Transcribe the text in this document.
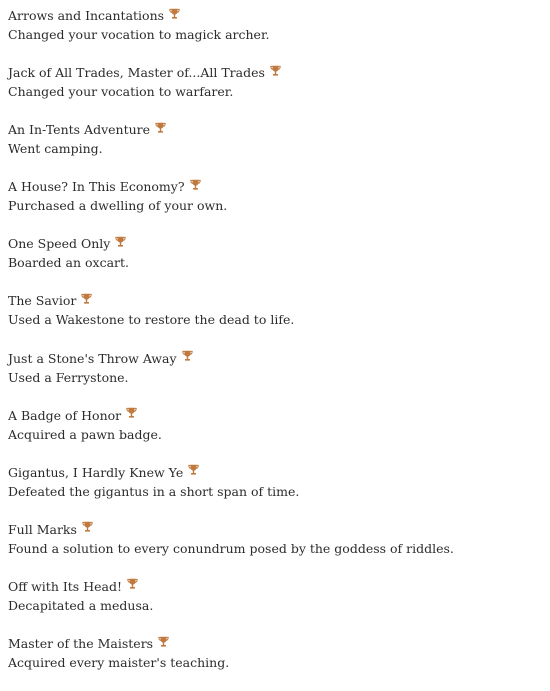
Arrows and Incantations
Changed your vocation to magick archer.
Jack of All Trades, Master of...All Trades
Changed your vocation to warfarer.
An In-Tents Adventure
Went camping.
A House? In This Economy?
Purchased a dwelling of your own.
One Speed Only
Boarded an oxcart.
The Savior
Used a Wakestone to restore the dead to life.
Just a Stone's Throw Away
Used a Ferrystone.
A Badge of Honor
Acquired a pawn badge.
Gigantus, I Hardly Knew Ye
Defeated the gigantus in a short span of time.
Full Marks
Found a solution to every conundrum posed by the goddess of riddles.
Off with Its Head!
Decapitated a medusa.
Master of the Maisters
Acquired every maister's teaching.
